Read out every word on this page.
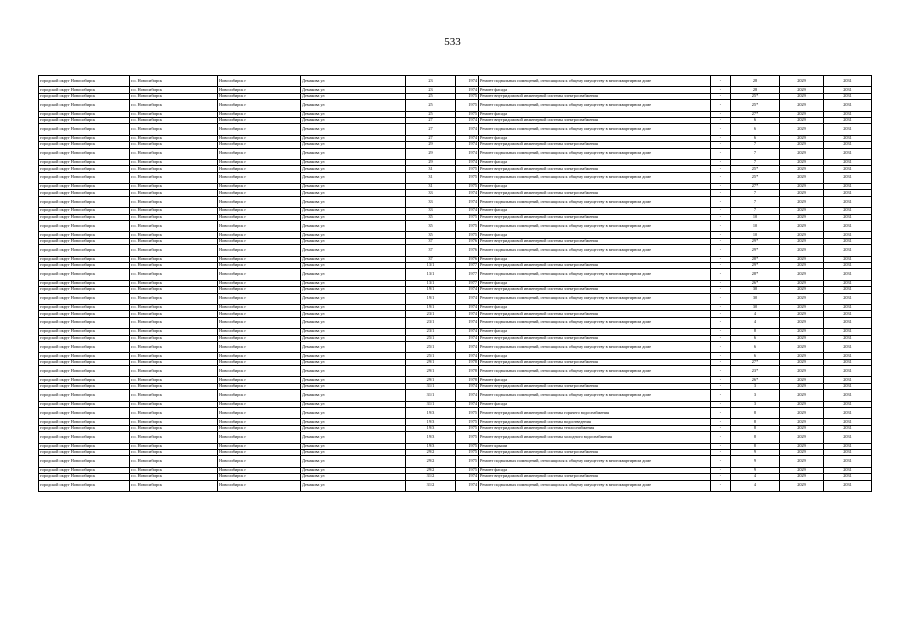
533
городской округ Новосибирск	г.о. Новосибирск	Новосибирск г	Демакова ул	23	1974	Ремонт подвальных помещений, относящихся к общему имуществу в многоквартирном доме	-	28	2029	2031
городской округ Новосибирск	г.о. Новосибирск	Новосибирск г	Демакова ул	23	1974	Ремонт фасада	-	28	2029	2031
городской округ Новосибирск	г.о. Новосибирск	Новосибирск г	Демакова ул	25	1975	Ремонт внутридомовой инженерной системы электроснабжения	-	25*	2029	2031
городской округ Новосибирск	г.о. Новосибирск	Новосибирск г	Демакова ул	25	1975	Ремонт подвальных помещений, относящихся к общему имуществу в многоквартирном доме	-	25*	2029	2031
городской округ Новосибирск	г.о. Новосибирск	Новосибирск г	Демакова ул	25	1975	Ремонт фасада	-	27*	2029	2031
городской округ Новосибирск	г.о. Новосибирск	Новосибирск г	Демакова ул	27	1974	Ремонт внутридомовой инженерной системы электроснабжения	-	6	2029	2031
городской округ Новосибирск	г.о. Новосибирск	Новосибирск г	Демакова ул	27	1974	Ремонт подвальных помещений, относящихся к общему имуществу в многоквартирном доме	-	6	2029	2031
городской округ Новосибирск	г.о. Новосибирск	Новосибирск г	Демакова ул	27	1974	Ремонт фасада	-	6	2029	2031
городской округ Новосибирск	г.о. Новосибирск	Новосибирск г	Демакова ул	29	1974	Ремонт внутридомовой инженерной системы электроснабжения	-	7	2029	2031
городской округ Новосибирск	г.о. Новосибирск	Новосибирск г	Демакова ул	29	1974	Ремонт подвальных помещений, относящихся к общему имуществу в многоквартирном доме	-	7	2029	2031
городской округ Новосибирск	г.о. Новосибирск	Новосибирск г	Демакова ул	29	1974	Ремонт фасада	-	7	2029	2031
городской округ Новосибирск	г.о. Новосибирск	Новосибирск г	Демакова ул	31	1975	Ремонт внутридомовой инженерной системы электроснабжения	-	25*	2029	2031
городской округ Новосибирск	г.о. Новосибирск	Новосибирск г	Демакова ул	31	1975	Ремонт подвальных помещений, относящихся к общему имуществу в многоквартирном доме	-	25*	2029	2031
городской округ Новосибирск	г.о. Новосибирск	Новосибирск г	Демакова ул	31	1975	Ремонт фасада	-	27*	2029	2031
городской округ Новосибирск	г.о. Новосибирск	Новосибирск г	Демакова ул	33	1974	Ремонт внутридомовой инженерной системы электроснабжения	-	7	2029	2031
городской округ Новосибирск	г.о. Новосибирск	Новосибирск г	Демакова ул	33	1974	Ремонт подвальных помещений, относящихся к общему имуществу в многоквартирном доме	-	7	2029	2031
городской округ Новосибирск	г.о. Новосибирск	Новосибирск г	Демакова ул	33	1974	Ремонт фасада	-	7	2029	2031
городской округ Новосибирск	г.о. Новосибирск	Новосибирск г	Демакова ул	35	1975	Ремонт внутридомовой инженерной системы электроснабжения	-	10	2029	2031
городской округ Новосибирск	г.о. Новосибирск	Новосибирск г	Демакова ул	35	1975	Ремонт подвальных помещений, относящихся к общему имуществу в многоквартирном доме	-	10	2029	2031
городской округ Новосибирск	г.о. Новосибирск	Новосибирск г	Демакова ул	35	1975	Ремонт фасада	-	10	2029	2031
городской округ Новосибирск	г.о. Новосибирск	Новосибирск г	Демакова ул	37	1976	Ремонт внутридомовой инженерной системы электроснабжения	-	29*	2029	2031
городской округ Новосибирск	г.о. Новосибирск	Новосибирск г	Демакова ул	37	1976	Ремонт подвальных помещений, относящихся к общему имуществу в многоквартирном доме	-	29*	2029	2031
городской округ Новосибирск	г.о. Новосибирск	Новосибирск г	Демакова ул	37	1976	Ремонт фасада	-	28*	2029	2031
городской округ Новосибирск	г.о. Новосибирск	Новосибирск г	Демакова ул	13/1	1977	Ремонт внутридомовой инженерной системы электроснабжения	-	29*	2029	2031
городской округ Новосибирск	г.о. Новосибирск	Новосибирск г	Демакова ул	13/1	1977	Ремонт подвальных помещений, относящихся к общему имуществу в многоквартирном доме	-	28*	2029	2031
городской округ Новосибирск	г.о. Новосибирск	Новосибирск г	Демакова ул	13/1	1977	Ремонт фасада	-	26*	2029	2031
городской округ Новосибирск	г.о. Новосибирск	Новосибирск г	Демакова ул	19/1	1974	Ремонт внутридомовой инженерной системы электроснабжения	-	30	2029	2031
городской округ Новосибирск	г.о. Новосибирск	Новосибирск г	Демакова ул	19/1	1974	Ремонт подвальных помещений, относящихся к общему имуществу в многоквартирном доме	-	30	2029	2031
городской округ Новосибирск	г.о. Новосибирск	Новосибирск г	Демакова ул	19/1	1974	Ремонт фасада	-	30	2029	2031
городской округ Новосибирск	г.о. Новосибирск	Новосибирск г	Демакова ул	23/1	1974	Ремонт внутридомовой инженерной системы электроснабжения	-	4	2029	2031
городской округ Новосибирск	г.о. Новосибирск	Новосибирск г	Демакова ул	23/1	1974	Ремонт подвальных помещений, относящихся к общему имуществу в многоквартирном доме	-	4	2029	2031
городской округ Новосибирск	г.о. Новосибирск	Новосибирск г	Демакова ул	23/1	1974	Ремонт фасада	-	8	2029	2031
городской округ Новосибирск	г.о. Новосибирск	Новосибирск г	Демакова ул	25/1	1974	Ремонт внутридомовой инженерной системы электроснабжения	-	6	2029	2031
городской округ Новосибирск	г.о. Новосибирск	Новосибирск г	Демакова ул	25/1	1974	Ремонт подвальных помещений, относящихся к общему имуществу в многоквартирном доме	-	6	2029	2031
городской округ Новосибирск	г.о. Новосибирск	Новосибирск г	Демакова ул	25/1	1974	Ремонт фасада	-	6	2029	2031
городской округ Новосибирск	г.о. Новосибирск	Новосибирск г	Демакова ул	29/1	1978	Ремонт внутридомовой инженерной системы электроснабжения	-	27*	2029	2031
городской округ Новосибирск	г.о. Новосибирск	Новосибирск г	Демакова ул	29/1	1978	Ремонт подвальных помещений, относящихся к общему имуществу в многоквартирном доме	-	23*	2029	2031
городской округ Новосибирск	г.о. Новосибирск	Новосибирск г	Демакова ул	29/1	1978	Ремонт фасада	-	26*	2029	2031
городской округ Новосибирск	г.о. Новосибирск	Новосибирск г	Демакова ул	31/1	1974	Ремонт внутридомовой инженерной системы электроснабжения	-	3	2029	2031
городской округ Новосибирск	г.о. Новосибирск	Новосибирск г	Демакова ул	31/1	1974	Ремонт подвальных помещений, относящихся к общему имуществу в многоквартирном доме	-	3	2029	2031
городской округ Новосибирск	г.о. Новосибирск	Новосибирск г	Демакова ул	31/1	1974	Ремонт фасада	-	3	2029	2031
городской округ Новосибирск	г.о. Новосибирск	Новосибирск г	Демакова ул	19/3	1975	Ремонт внутридомовой инженерной системы горячего водоснабжения	-	8	2029	2031
городской округ Новосибирск	г.о. Новосибирск	Новосибирск г	Демакова ул	19/3	1975	Ремонт внутридомовой инженерной системы водоотведения	-	8	2029	2031
городской округ Новосибирск	г.о. Новосибирск	Новосибирск г	Демакова ул	19/3	1975	Ремонт внутридомовой инженерной системы теплоснабжения	-	8	2029	2031
городской округ Новосибирск	г.о. Новосибирск	Новосибирск г	Демакова ул	19/3	1975	Ремонт внутридомовой инженерной системы холодного водоснабжения	-	8	2029	2031
городской округ Новосибирск	г.о. Новосибирск	Новосибирск г	Демакова ул	19/3	1975	Ремонт крыши	-	8	2029	2031
городской округ Новосибирск	г.о. Новосибирск	Новосибирск г	Демакова ул	29/2	1975	Ремонт внутридомовой инженерной системы электроснабжения	-	9	2029	2031
городской округ Новосибирск	г.о. Новосибирск	Новосибирск г	Демакова ул	29/2	1975	Ремонт подвальных помещений, относящихся к общему имуществу в многоквартирном доме	-	9	2029	2031
городской округ Новосибирск	г.о. Новосибирск	Новосибирск г	Демакова ул	29/2	1975	Ремонт фасада	-	9	2029	2031
городской округ Новосибирск	г.о. Новосибирск	Новосибирск г	Демакова ул	31/2	1974	Ремонт внутридомовой инженерной системы электроснабжения	-	4	2029	2031
городской округ Новосибирск	г.о. Новосибирск	Новосибирск г	Демакова ул	31/2	1974	Ремонт подвальных помещений, относящихся к общему имуществу в многоквартирном доме	-	4	2029	2031
